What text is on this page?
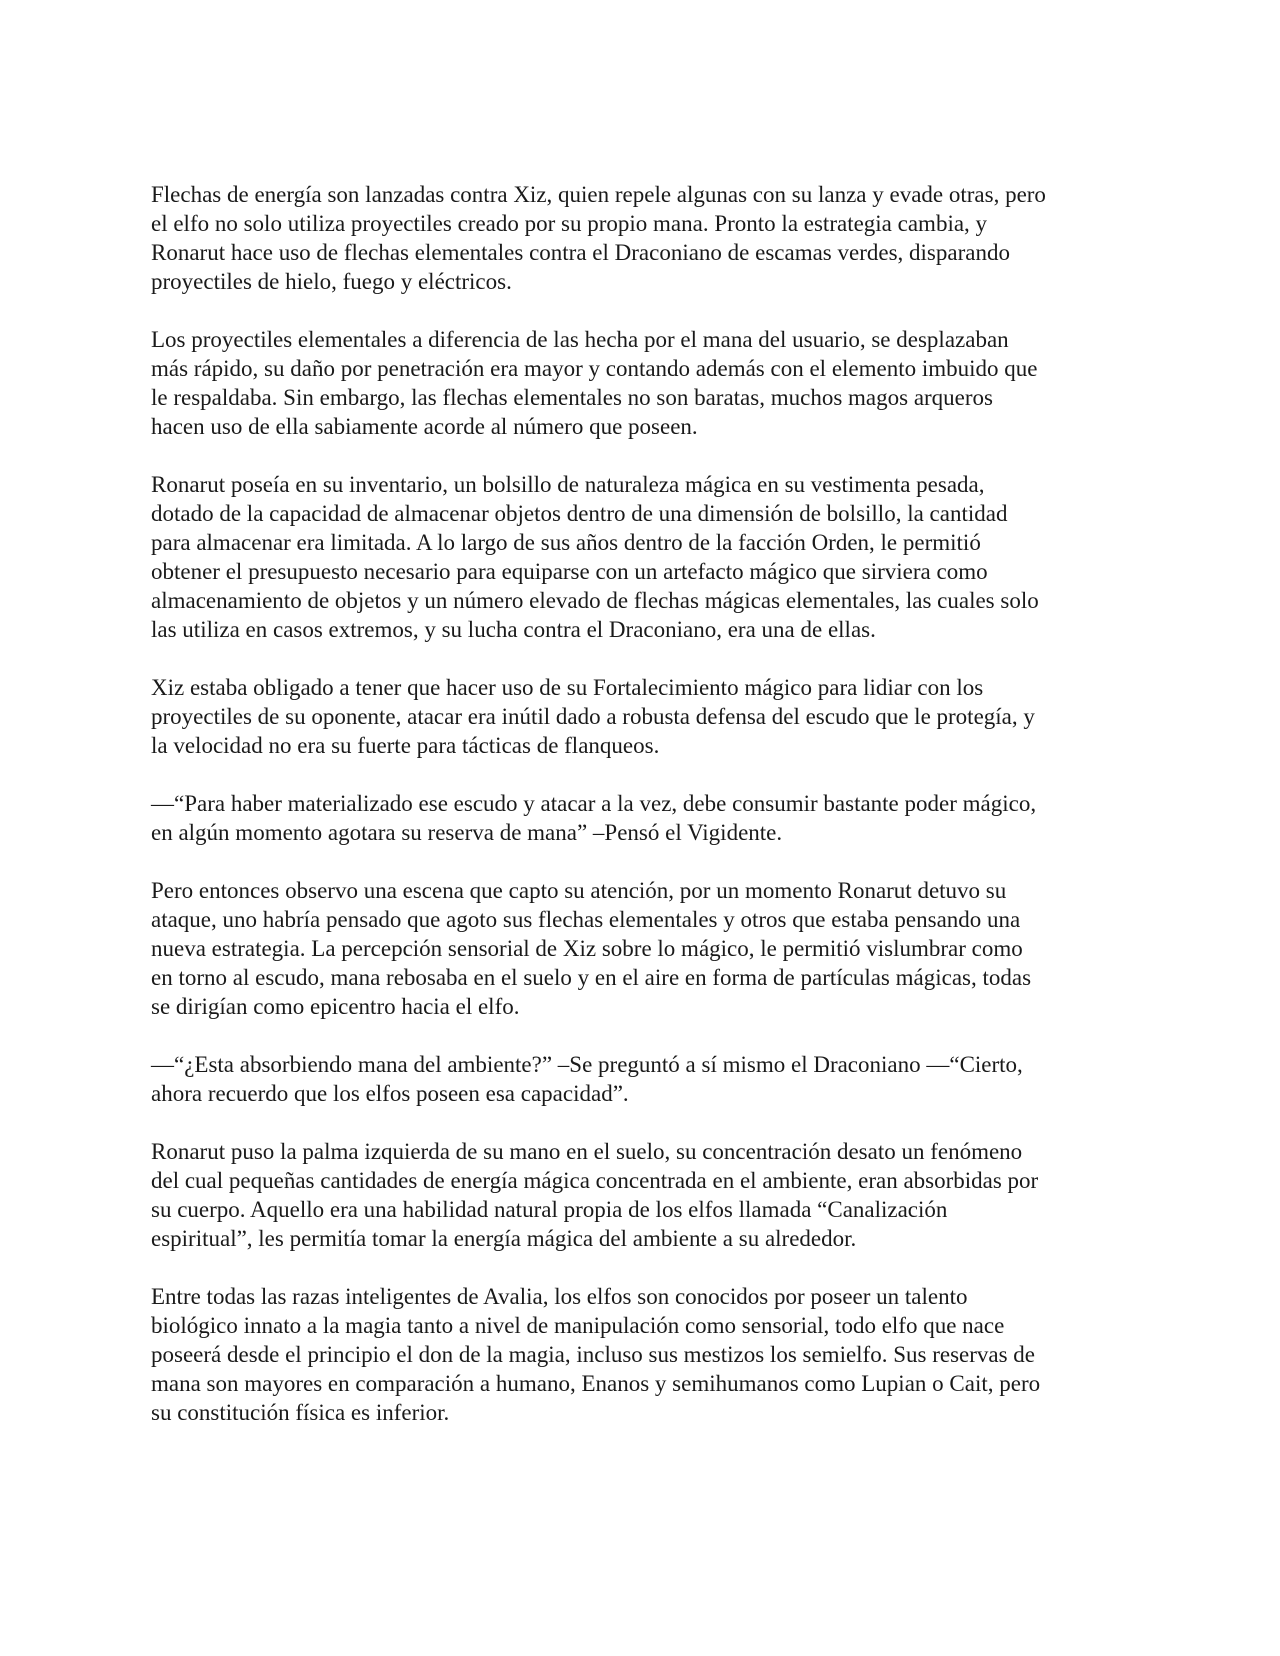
Flechas de energía son lanzadas contra Xiz, quien repele algunas con su lanza y evade otras, pero
el elfo no solo utiliza proyectiles creado por su propio mana. Pronto la estrategia cambia, y
Ronarut hace uso de flechas elementales contra el Draconiano de escamas verdes, disparando
proyectiles de hielo, fuego y eléctricos.

Los proyectiles elementales a diferencia de las hecha por el mana del usuario, se desplazaban
más rápido, su daño por penetración era mayor y contando además con el elemento imbuido que
le respaldaba. Sin embargo, las flechas elementales no son baratas, muchos magos arqueros
hacen uso de ella sabiamente acorde al número que poseen.

Ronarut poseía en su inventario, un bolsillo de naturaleza mágica en su vestimenta pesada,
dotado de la capacidad de almacenar objetos dentro de una dimensión de bolsillo, la cantidad
para almacenar era limitada. A lo largo de sus años dentro de la facción Orden, le permitió
obtener el presupuesto necesario para equiparse con un artefacto mágico que sirviera como
almacenamiento de objetos y un número elevado de flechas mágicas elementales, las cuales solo
las utiliza en casos extremos, y su lucha contra el Draconiano, era una de ellas.

Xiz estaba obligado a tener que hacer uso de su Fortalecimiento mágico para lidiar con los
proyectiles de su oponente, atacar era inútil dado a robusta defensa del escudo que le protegía, y
la velocidad no era su fuerte para tácticas de flanqueos.

—“Para haber materializado ese escudo y atacar a la vez, debe consumir bastante poder mágico,
en algún momento agotara su reserva de mana” –Pensó el Vigidente.

Pero entonces observo una escena que capto su atención, por un momento Ronarut detuvo su
ataque, uno habría pensado que agoto sus flechas elementales y otros que estaba pensando una
nueva estrategia. La percepción sensorial de Xiz sobre lo mágico, le permitió vislumbrar como
en torno al escudo, mana rebosaba en el suelo y en el aire en forma de partículas mágicas, todas
se dirigían como epicentro hacia el elfo.

—“¿Esta absorbiendo mana del ambiente?” –Se preguntó a sí mismo el Draconiano —“Cierto,
ahora recuerdo que los elfos poseen esa capacidad”.

Ronarut puso la palma izquierda de su mano en el suelo, su concentración desato un fenómeno
del cual pequeñas cantidades de energía mágica concentrada en el ambiente, eran absorbidas por
su cuerpo. Aquello era una habilidad natural propia de los elfos llamada “Canalización
espiritual”, les permitía tomar la energía mágica del ambiente a su alrededor.

Entre todas las razas inteligentes de Avalia, los elfos son conocidos por poseer un talento
biológico innato a la magia tanto a nivel de manipulación como sensorial, todo elfo que nace
poseerá desde el principio el don de la magia, incluso sus mestizos los semielfo. Sus reservas de
mana son mayores en comparación a humano, Enanos y semihumanos como Lupian o Cait, pero
su constitución física es inferior.
